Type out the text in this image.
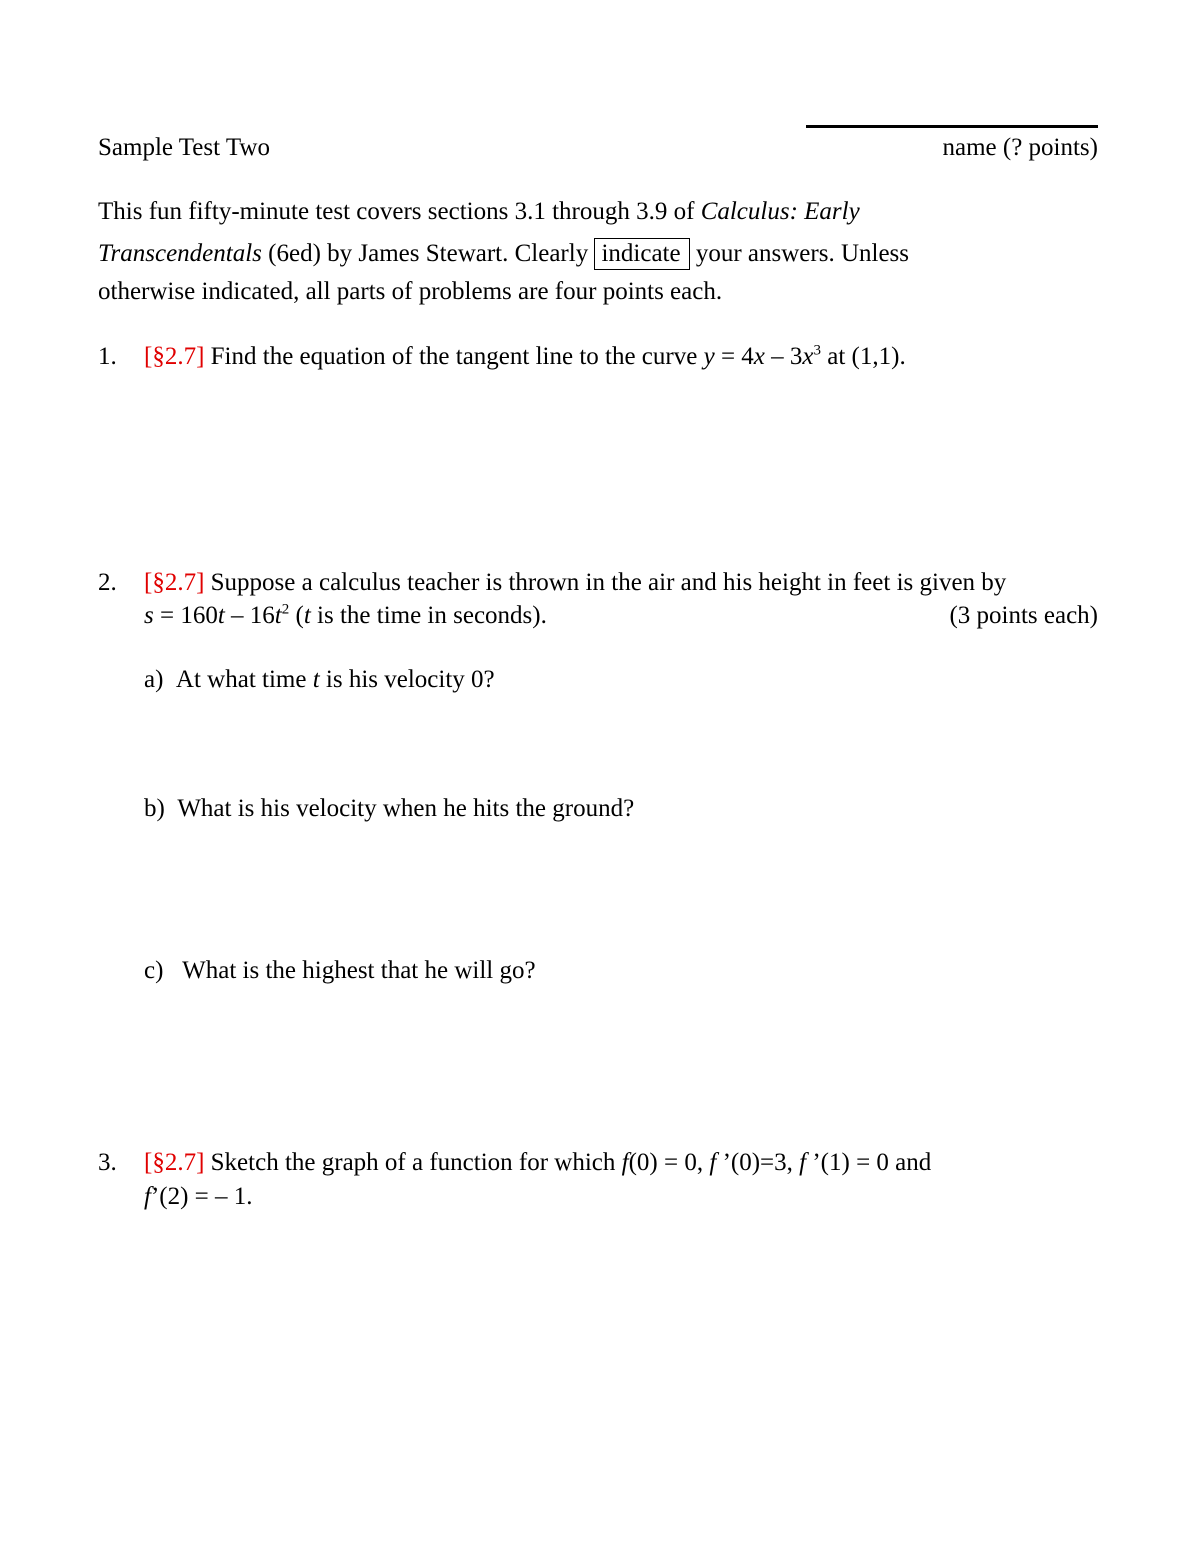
Sample Test Two	name (? points)
This fun fifty-minute test covers sections 3.1 through 3.9 of Calculus: Early
Transcendentals (6ed) by James Stewart. Clearly indicate your answers. Unless
otherwise indicated, all parts of problems are four points each.
1. [§2.7] Find the equation of the tangent line to the curve $y = 4x - 3x^3$ at (1,1).
2. [§2.7] Suppose a calculus teacher is thrown in the air and his height in feet is given by
$s = 160t - 16t^2$ (t is the time in seconds).	(3 points each)
a) At what time t is his velocity 0?
b) What is his velocity when he hits the ground?
c) What is the highest that he will go?
3. [§2.7] Sketch the graph of a function for which f(0) = 0, f ’(0)=3, f ’(1) = 0 and
f’(2) = – 1.
